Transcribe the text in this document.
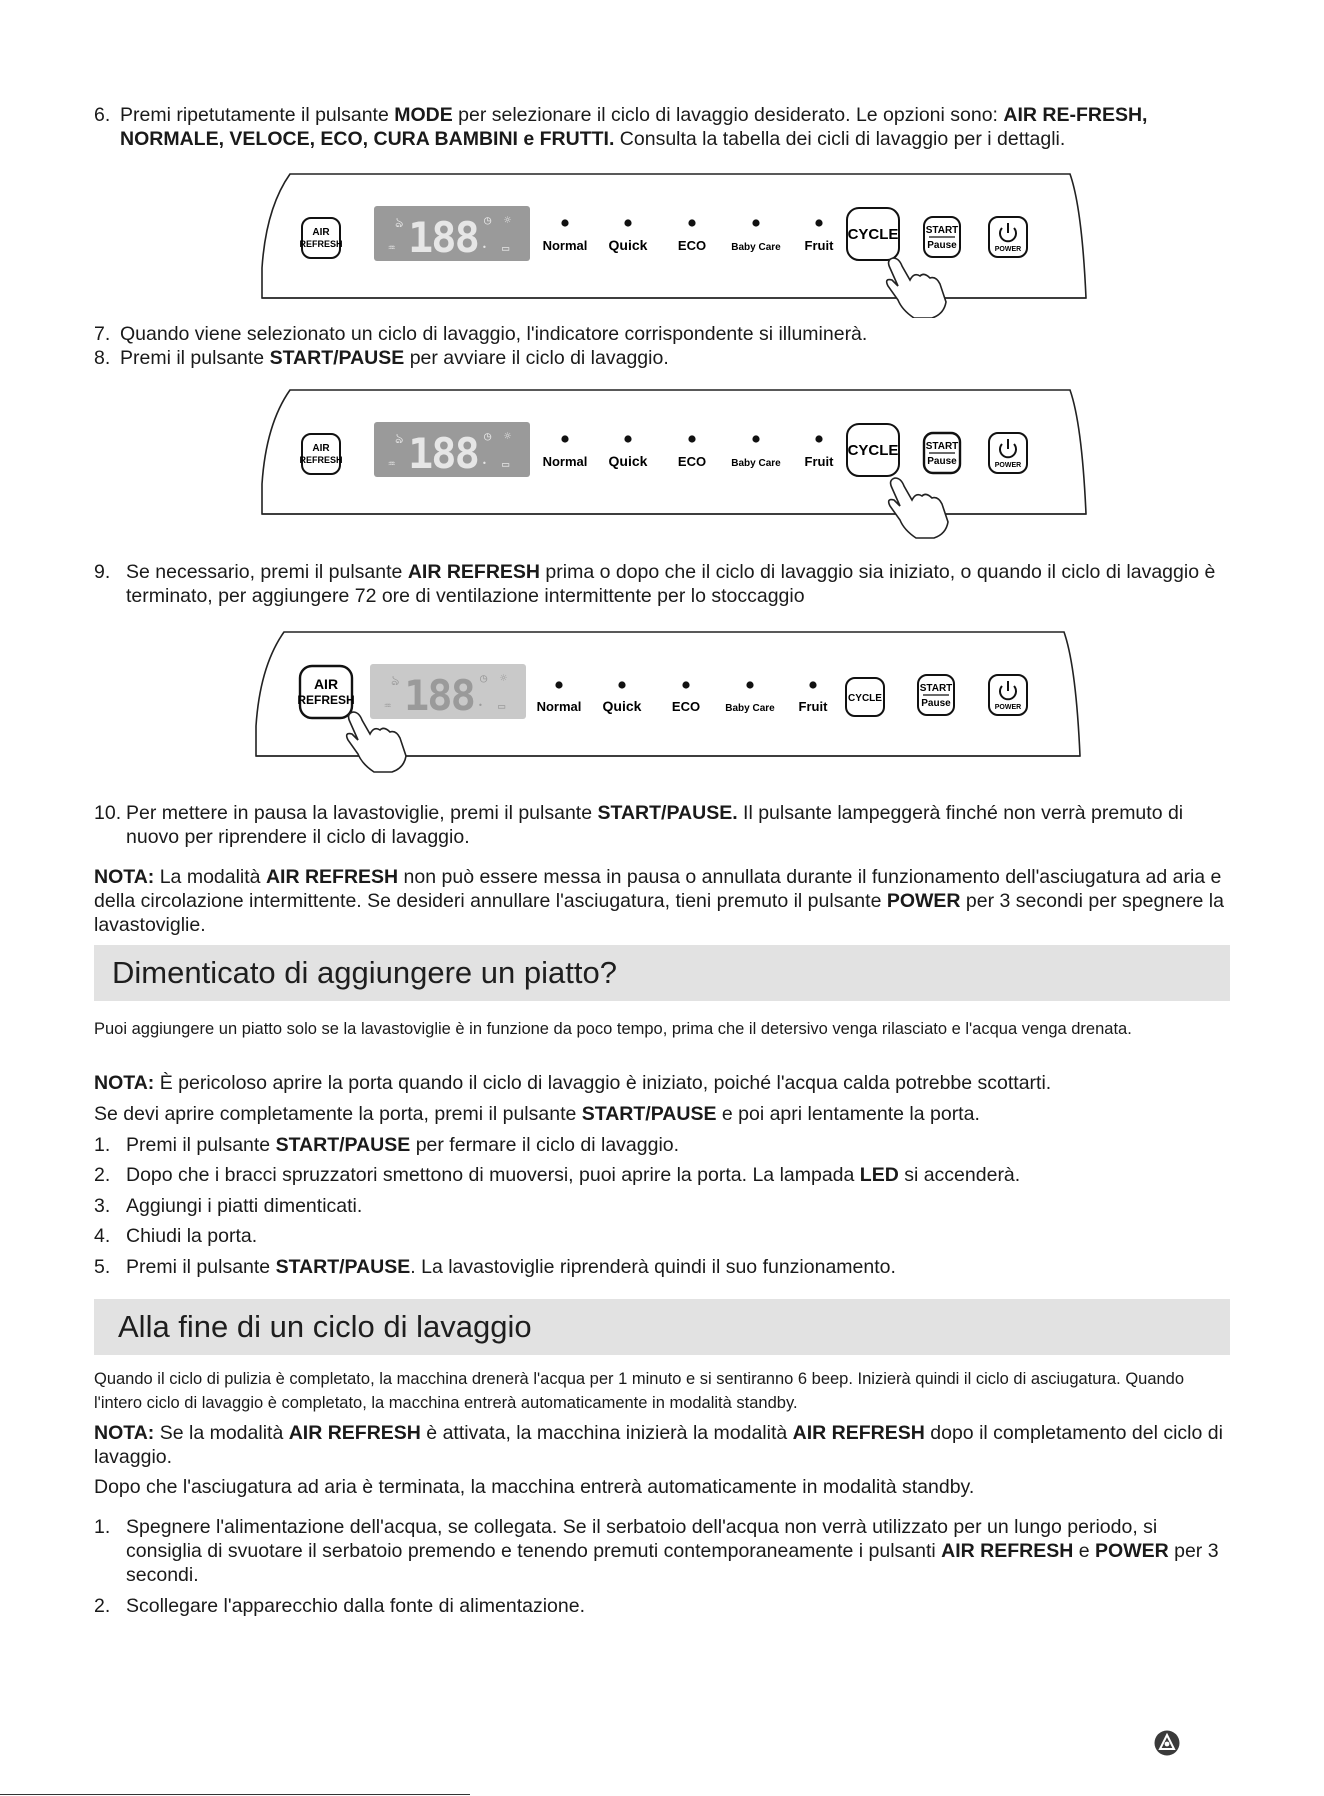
6. Premi ripetutamente il pulsante MODE per selezionare il ciclo di lavaggio desiderato. Le opzioni sono: AIR RE-FRESH, NORMALE, VELOCE, ECO, CURA BAMBINI e FRUTTI. Consulta la tabella dei cicli di lavaggio per i dettagli.
AIR
REFRESH
ঌ
♒ 188 ◷ ☼
• ▭	Normal Quick ECO	Baby Care Fruit
CYCLE	START
Pause	POWER
7. Quando viene selezionato un ciclo di lavaggio, l'indicatore corrispondente si illuminerà.
8. Premi il pulsante START/PAUSE per avviare il ciclo di lavaggio.
AIR
REFRESH
ঌ
♒ 188 ◷ ☼
• ▭	Normal Quick ECO	Baby Care Fruit
CYCLE	START
Pause	POWER
9. Se necessario, premi il pulsante AIR REFRESH prima o dopo che il ciclo di lavaggio sia iniziato, o quando il ciclo di lavaggio è terminato, per aggiungere 72 ore di ventilazione intermittente per lo stoccaggio
AIR
REFRESH
ঌ
♒ 188 ◷ ☼
• ▭ Normal Quick ECO	Baby Care Fruit
CYCLE
START
Pause	POWER
10. Per mettere in pausa la lavastoviglie, premi il pulsante START/PAUSE. Il pulsante lampeggerà finché non verrà premuto di nuovo per riprendere il ciclo di lavaggio.

NOTA: La modalità AIR REFRESH non può essere messa in pausa o annullata durante il funzionamento dell'asciugatura ad aria e della circolazione intermittente. Se desideri annullare l'asciugatura, tieni premuto il pulsante POWER per 3 secondi per spegnere la lavastoviglie.

Dimenticato di aggiungere un piatto?

Puoi aggiungere un piatto solo se la lavastoviglie è in funzione da poco tempo, prima che il detersivo venga rilasciato e l'acqua venga drenata.

NOTA: È pericoloso aprire la porta quando il ciclo di lavaggio è iniziato, poiché l'acqua calda potrebbe scottarti.

Se devi aprire completamente la porta, premi il pulsante START/PAUSE e poi apri lentamente la porta.

1. Premi il pulsante START/PAUSE per fermare il ciclo di lavaggio.
2. Dopo che i bracci spruzzatori smettono di muoversi, puoi aprire la porta. La lampada LED si accenderà.
3. Aggiungi i piatti dimenticati.
4. Chiudi la porta.
5. Premi il pulsante START/PAUSE. La lavastoviglie riprenderà quindi il suo funzionamento.
Alla fine di un ciclo di lavaggio

Quando il ciclo di pulizia è completato, la macchina drenerà l'acqua per 1 minuto e si sentiranno 6 beep. Inizierà quindi il ciclo di asciugatura. Quando l'intero ciclo di lavaggio è completato, la macchina entrerà automaticamente in modalità standby.

NOTA: Se la modalità AIR REFRESH è attivata, la macchina inizierà la modalità AIR REFRESH dopo il completamento del ciclo di lavaggio.

Dopo che l'asciugatura ad aria è terminata, la macchina entrerà automaticamente in modalità standby.

1. Spegnere l'alimentazione dell'acqua, se collegata. Se il serbatoio dell'acqua non verrà utilizzato per un lungo periodo, si consiglia di svuotare il serbatoio premendo e tenendo premuti contemporaneamente i pulsanti AIR REFRESH e POWER per 3 secondi.
2. Scollegare l'apparecchio dalla fonte di alimentazione.
